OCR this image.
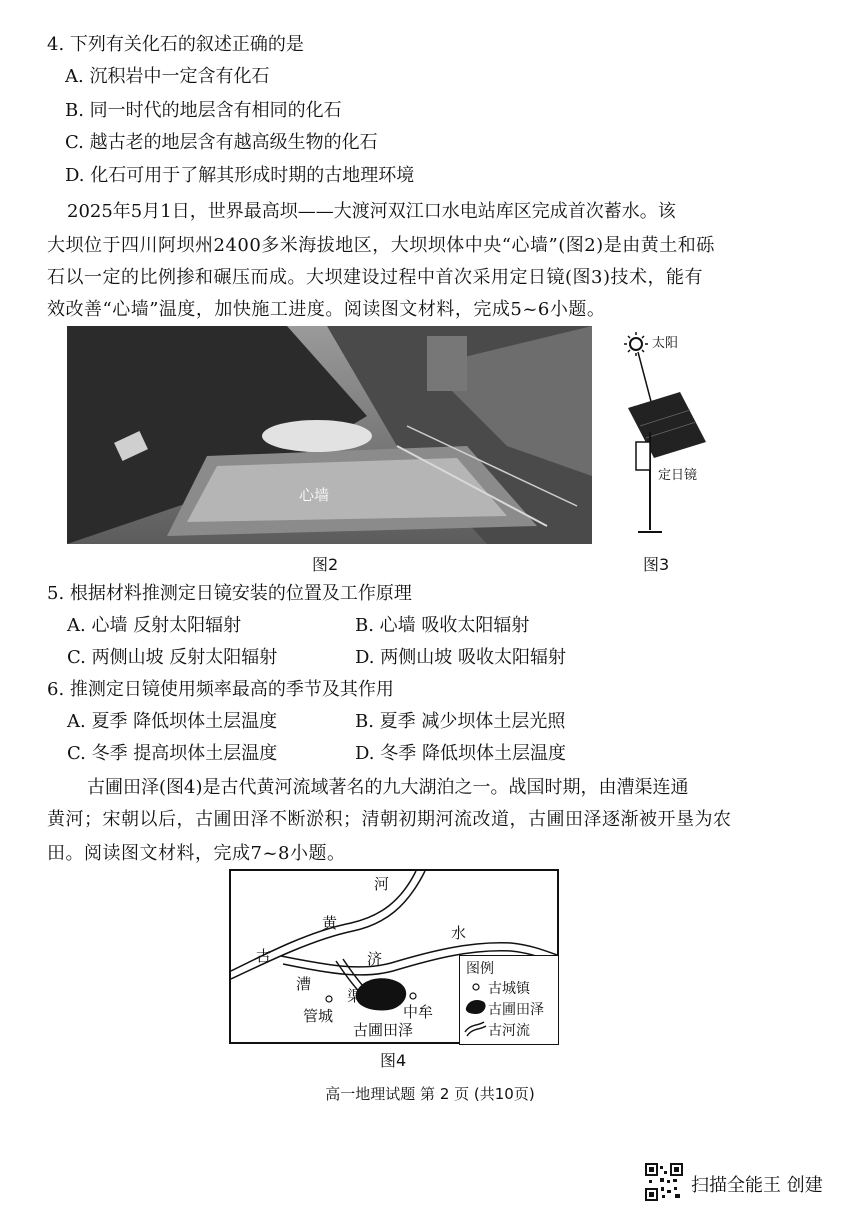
4. 下列有关化石的叙述正确的是
A. 沉积岩中一定含有化石
B. 同一时代的地层含有相同的化石
C. 越古老的地层含有越高级生物的化石
D. 化石可用于了解其形成时期的古地理环境
2025年5月1日，世界最高坝——大渡河双江口水电站库区完成首次蓄水。该
大坝位于四川阿坝州2400多米海拔地区，大坝坝体中央“心墙”(图2)是由黄土和砾
石以一定的比例掺和碾压而成。大坝建设过程中首次采用定日镜(图3)技术，能有
效改善“心墙”温度，加快施工进度。阅读图文材料，完成5~6小题。
心墙
图2
太阳
定日镜
图3
5. 根据材料推测定日镜安装的位置及工作原理
A. 心墙 反射太阳辐射	B. 心墙 吸收太阳辐射
C. 两侧山坡 反射太阳辐射	D. 两侧山坡 吸收太阳辐射
6. 推测定日镜使用频率最高的季节及其作用
A. 夏季 降低坝体土层温度	B. 夏季 减少坝体土层光照
C. 冬季 提高坝体土层温度	D. 冬季 降低坝体土层温度
古圃田泽(图4)是古代黄河流域著名的九大湖泊之一。战国时期，由漕渠连通
黄河；宋朝以后，古圃田泽不断淤积；清朝初期河流改道，古圃田泽逐渐被开垦为农
田。阅读图文材料，完成7~8小题。
河
黄
水
古	济
漕
渠
管城	中牟
古圃田泽
图例
古城镇
古圃田泽
古河流
图4
高一地理试题 第 2 页 (共10页)
扫描全能王 创建
